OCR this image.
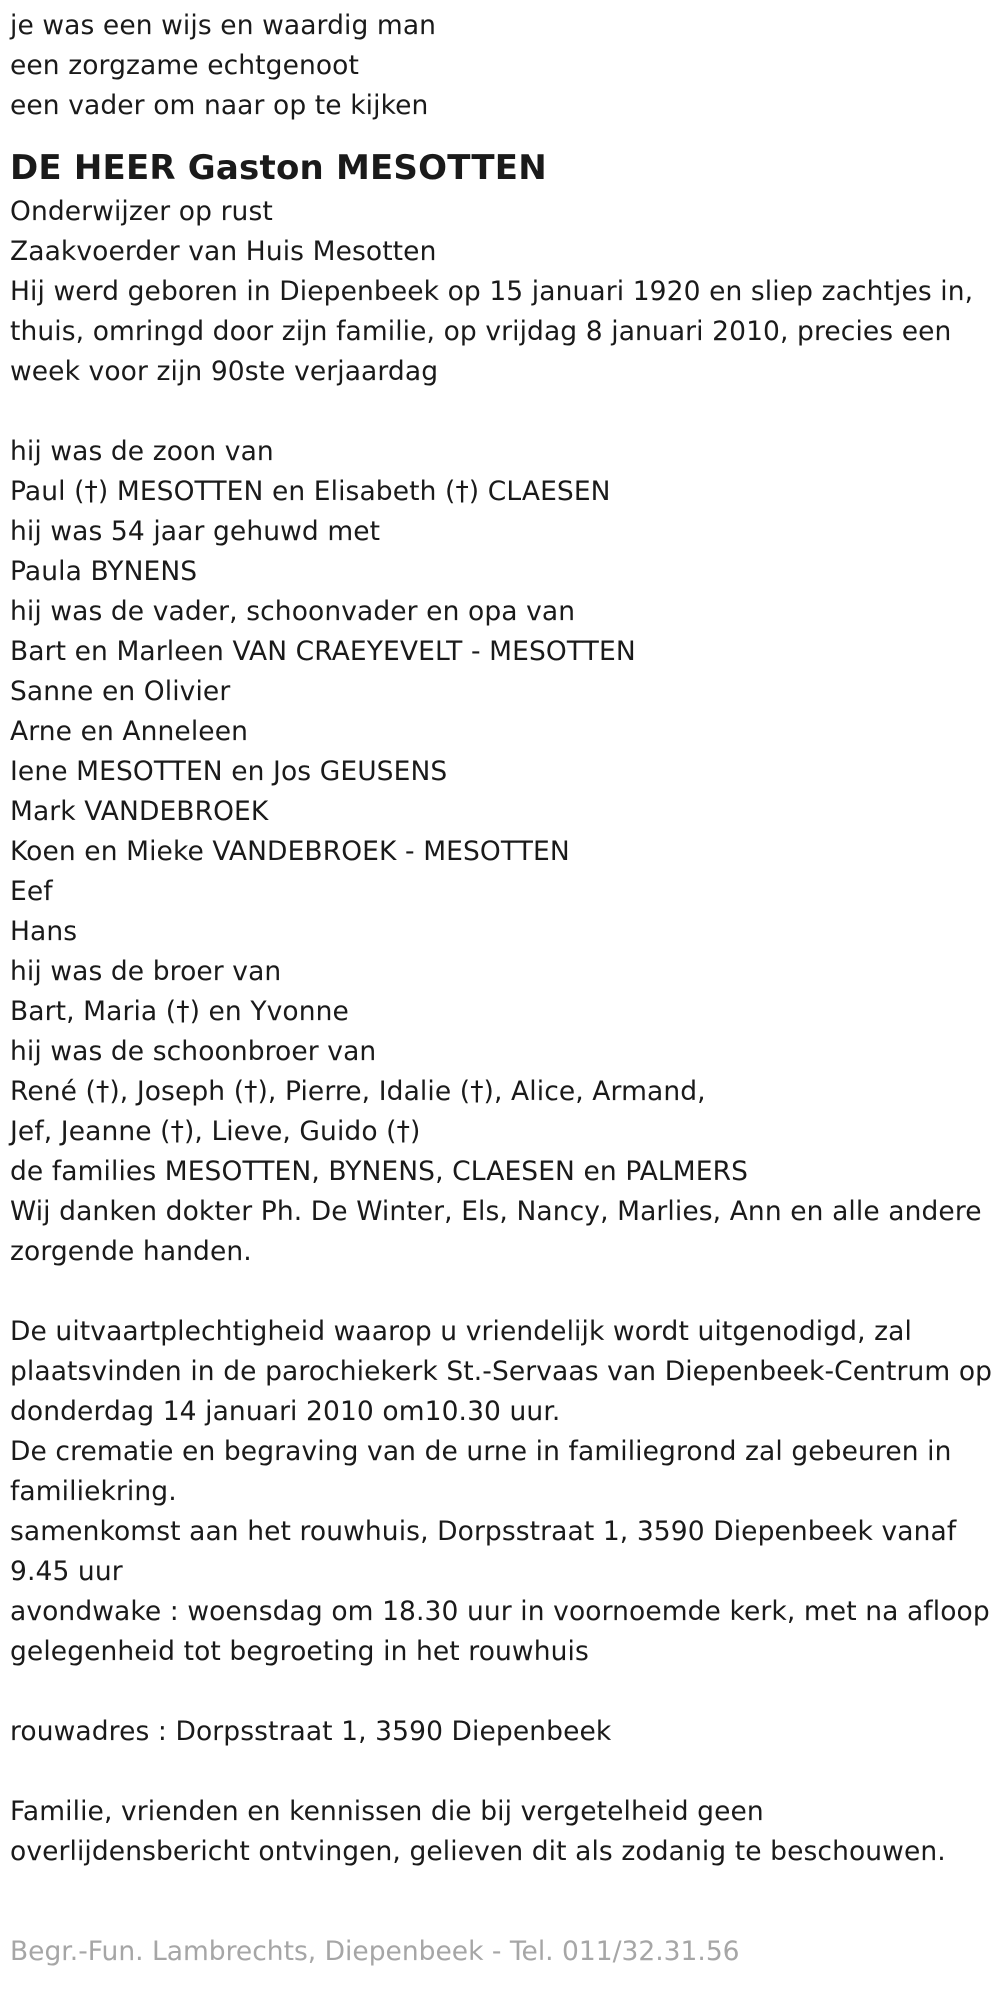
je was een wijs en waardig man
een zorgzame echtgenoot
een vader om naar op te kijken
DE HEER Gaston MESOTTEN
Onderwijzer op rust
Zaakvoerder van Huis Mesotten
Hij werd geboren in Diepenbeek op 15 januari 1920 en sliep zachtjes in,
thuis, omringd door zijn familie, op vrijdag 8 januari 2010, precies een
week voor zijn 90ste verjaardag
hij was de zoon van
Paul (†) MESOTTEN en Elisabeth (†) CLAESEN
hij was 54 jaar gehuwd met
Paula BYNENS
hij was de vader, schoonvader en opa van
Bart en Marleen VAN CRAEYEVELT - MESOTTEN
Sanne en Olivier
Arne en Anneleen
Iene MESOTTEN en Jos GEUSENS
Mark VANDEBROEK
Koen en Mieke VANDEBROEK - MESOTTEN
Eef
Hans
hij was de broer van
Bart, Maria (†) en Yvonne
hij was de schoonbroer van
René (†), Joseph (†), Pierre, Idalie (†), Alice, Armand,
Jef, Jeanne (†), Lieve, Guido (†)
de families MESOTTEN, BYNENS, CLAESEN en PALMERS
Wij danken dokter Ph. De Winter, Els, Nancy, Marlies, Ann en alle andere
zorgende handen.
De uitvaartplechtigheid waarop u vriendelijk wordt uitgenodigd, zal
plaatsvinden in de parochiekerk St.-Servaas van Diepenbeek-Centrum op
donderdag 14 januari 2010 om10.30 uur.
De crematie en begraving van de urne in familiegrond zal gebeuren in
familiekring.
samenkomst aan het rouwhuis, Dorpsstraat 1, 3590 Diepenbeek vanaf
9.45 uur
avondwake : woensdag om 18.30 uur in voornoemde kerk, met na afloop
gelegenheid tot begroeting in het rouwhuis
rouwadres : Dorpsstraat 1, 3590 Diepenbeek
Familie, vrienden en kennissen die bij vergetelheid geen
overlijdensbericht ontvingen, gelieven dit als zodanig te beschouwen.
Begr.-Fun. Lambrechts, Diepenbeek - Tel. 011/32.31.56
